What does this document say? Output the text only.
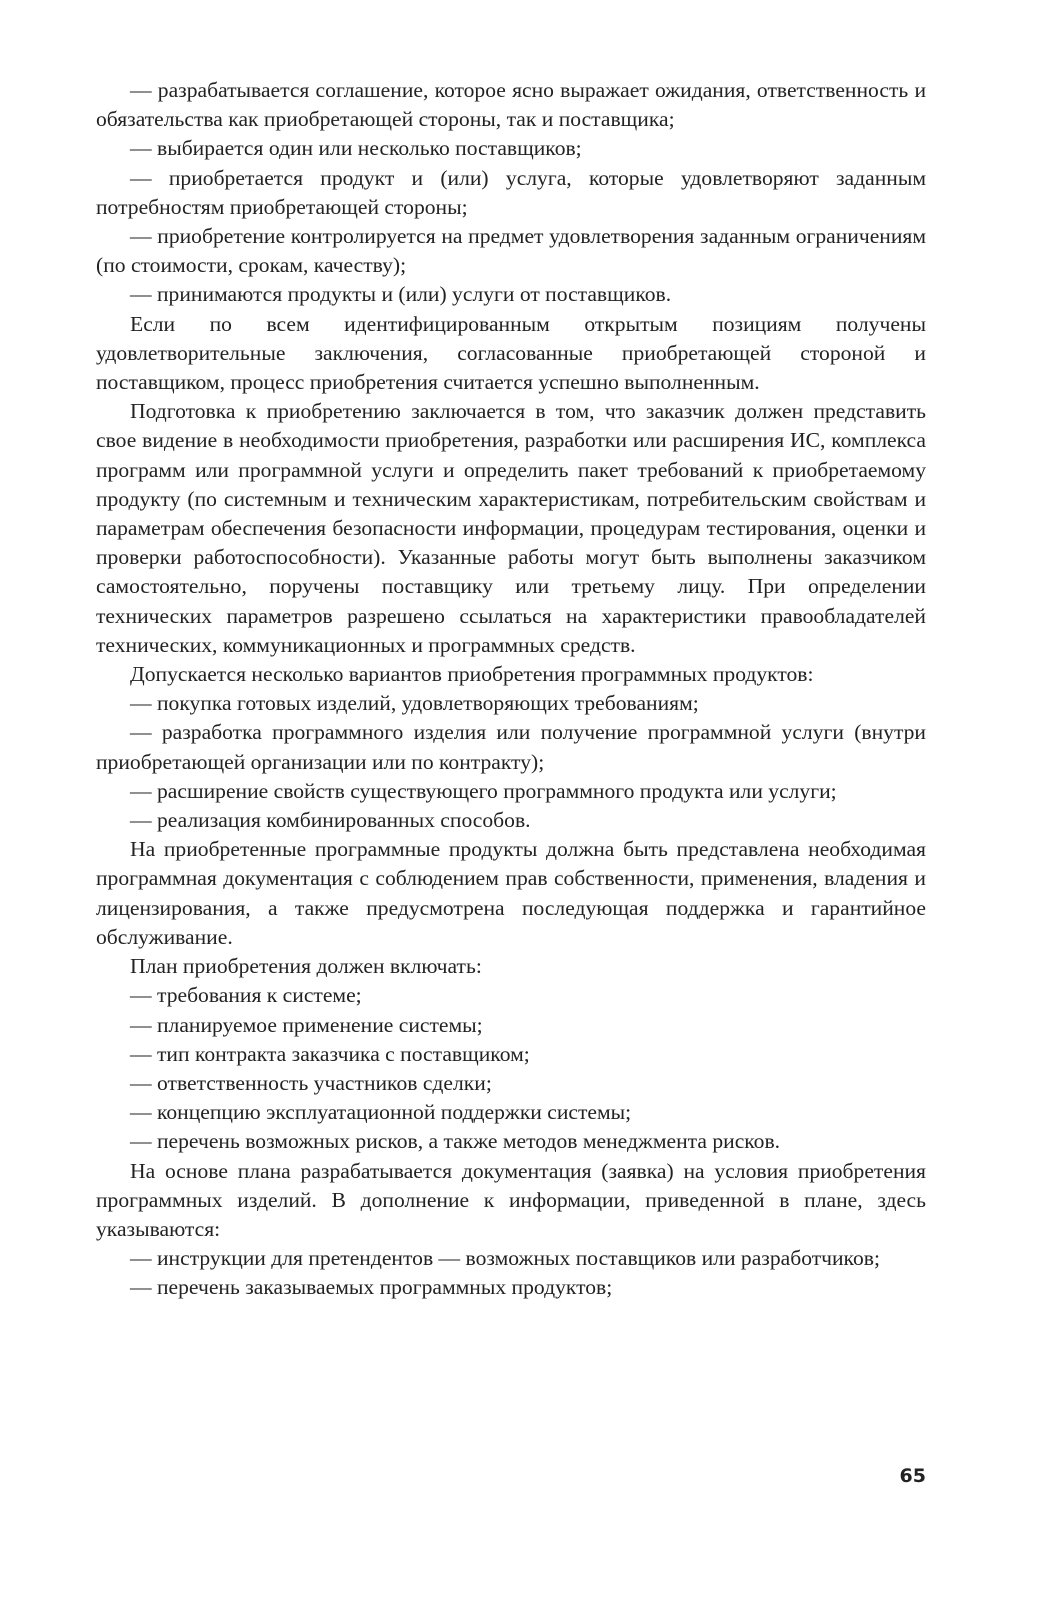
— разрабатывается соглашение, которое ясно выражает ожидания, ответственность и обязательства как приобретающей стороны, так и поставщика;

— выбирается один или несколько поставщиков;

— приобретается продукт и (или) услуга, которые удовлетворяют заданным потребностям приобретающей стороны;

— приобретение контролируется на предмет удовлетворения заданным ограничениям (по стоимости, срокам, качеству);

— принимаются продукты и (или) услуги от поставщиков.

Если по всем идентифицированным открытым позициям получены удовлетворительные заключения, согласованные приобретающей стороной и поставщиком, процесс приобретения считается успешно выполненным.

Подготовка к приобретению заключается в том, что заказчик должен представить свое видение в необходимости приобретения, разработки или расширения ИС, комплекса программ или программной услуги и определить пакет требований к приобретаемому продукту (по системным и техническим характеристикам, потребительским свойствам и параметрам обеспечения безопасности информации, процедурам тестирования, оценки и проверки работоспособности). Указанные работы могут быть выполнены заказчиком самостоятельно, поручены поставщику или третьему лицу. При определении технических параметров разрешено ссылаться на характеристики правообладателей технических, коммуникационных и программных средств.

Допускается несколько вариантов приобретения программных продуктов:

— покупка готовых изделий, удовлетворяющих требованиям;

— разработка программного изделия или получение программной услуги (внутри приобретающей организации или по контракту);

— расширение свойств существующего программного продукта или услуги;

— реализация комбинированных способов.

На приобретенные программные продукты должна быть представлена необходимая программная документация с соблюдением прав собственности, применения, владения и лицензирования, а также предусмотрена последующая поддержка и гарантийное обслуживание.

План приобретения должен включать:

— требования к системе;

— планируемое применение системы;

— тип контракта заказчика с поставщиком;

— ответственность участников сделки;

— концепцию эксплуатационной поддержки системы;

— перечень возможных рисков, а также методов менеджмента рисков.

На основе плана разрабатывается документация (заявка) на условия приобретения программных изделий. В дополнение к информации, приведенной в плане, здесь указываются:

— инструкции для претендентов — возможных поставщиков или разработчиков;

— перечень заказываемых программных продуктов;

65
